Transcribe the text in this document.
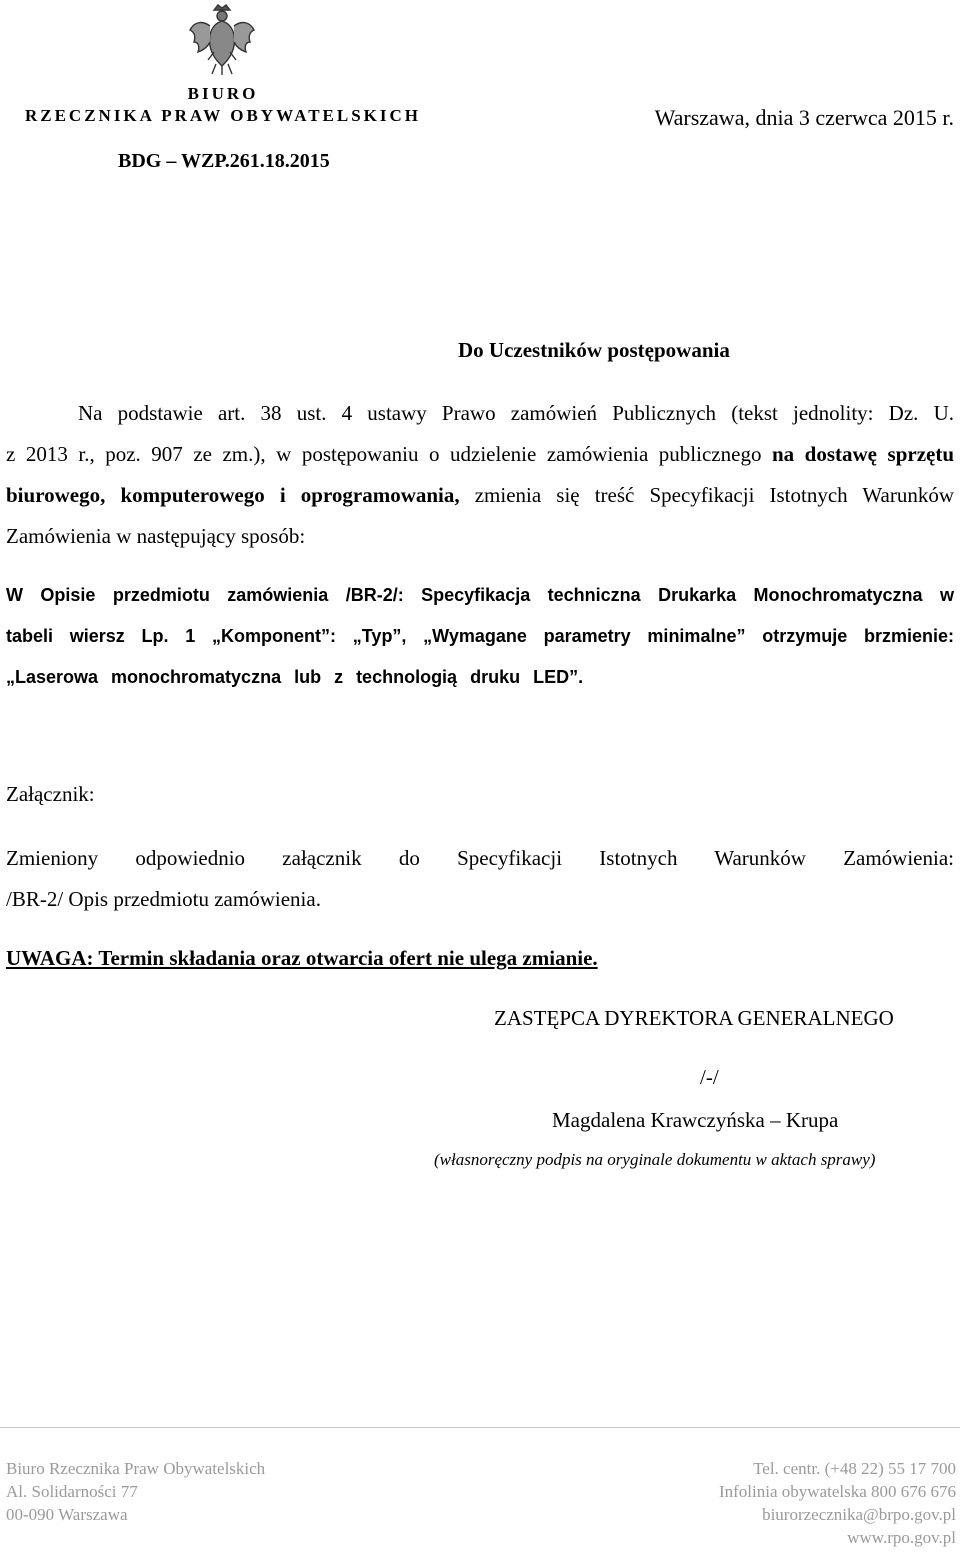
BIURO
RZECZNIKA PRAW OBYWATELSKICH	Warszawa, dnia 3 czerwca 2015 r.
BDG – WZP.261.18.2015
Do Uczestników postępowania
Na podstawie art. 38 ust. 4 ustawy Prawo zamówień Publicznych (tekst jednolity: Dz. U.
z 2013 r., poz. 907 ze zm.), w postępowaniu o udzielenie zamówienia publicznego na dostawę sprzętu biurowego, komputerowego i oprogramowania, zmienia się treść Specyfikacji Istotnych Warunków Zamówienia w następujący sposób:
W Opisie przedmiotu zamówienia /BR-2/: Specyfikacja techniczna Drukarka Monochromatyczna w tabeli wiersz Lp. 1 „Komponent”: „Typ”, „Wymagane parametry minimalne” otrzymuje brzmienie: „Laserowa monochromatyczna lub z technologią druku LED”.
Załącznik:
Zmieniony odpowiednio załącznik do Specyfikacji Istotnych Warunków Zamówienia:
/BR-2/ Opis przedmiotu zamówienia.
UWAGA: Termin składania oraz otwarcia ofert nie ulega zmianie.
ZASTĘPCA DYREKTORA GENERALNEGO
/-/
Magdalena Krawczyńska – Krupa
(własnoręczny podpis na oryginale dokumentu w aktach sprawy)
Biuro Rzecznika Praw Obywatelskich
Al. Solidarności 77
00-090 Warszawa
Tel. centr. (+48 22) 55 17 700
Infolinia obywatelska 800 676 676
biurorzecznika@brpo.gov.pl
www.rpo.gov.pl
